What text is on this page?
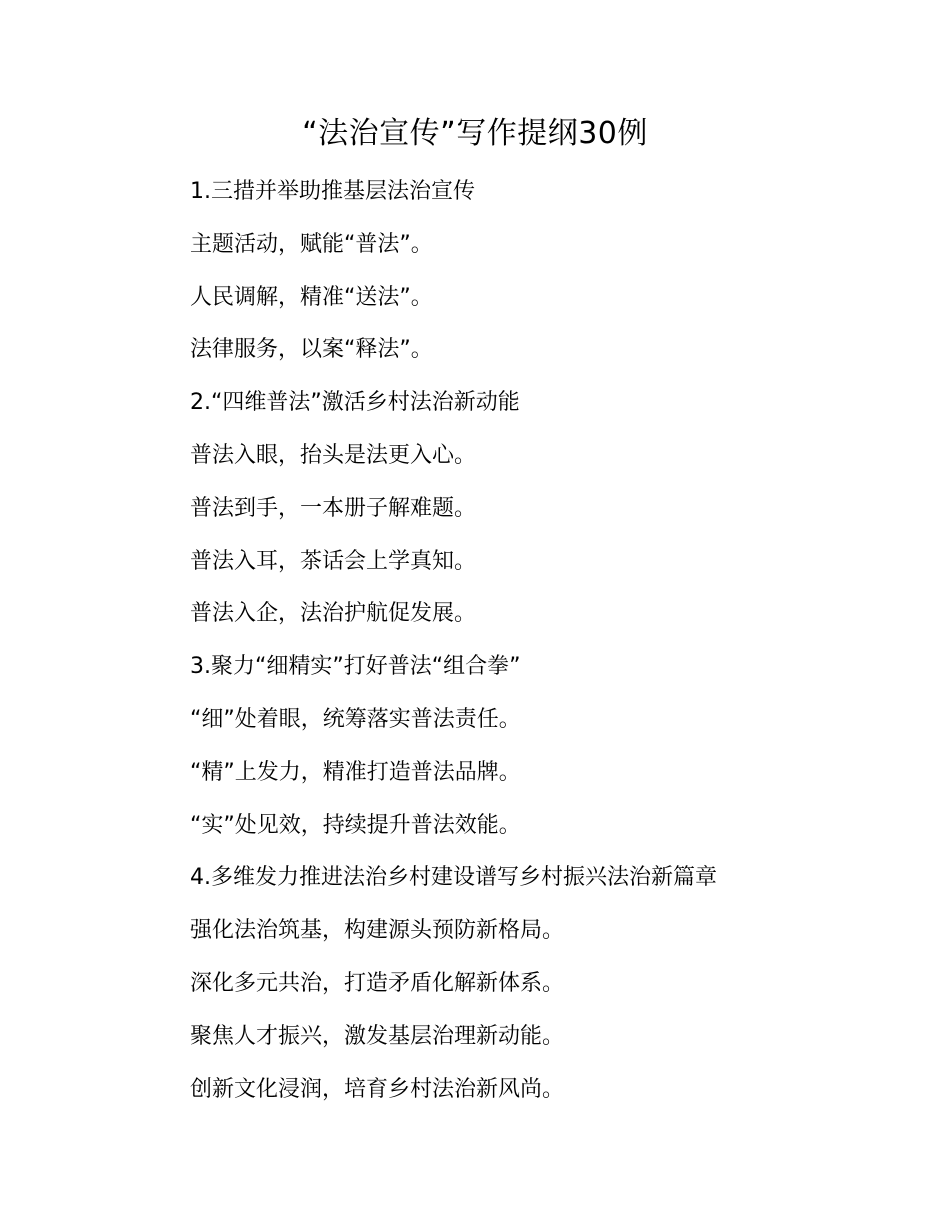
“法治宣传”写作提纲30例
1.三措并举助推基层法治宣传
主题活动，赋能“普法”。
人民调解，精准“送法”。
法律服务，以案“释法”。
2.“四维普法”激活乡村法治新动能
普法入眼，抬头是法更入心。
普法到手，一本册子解难题。
普法入耳，茶话会上学真知。
普法入企，法治护航促发展。
3.聚力“细精实”打好普法“组合拳”
“细”处着眼，统筹落实普法责任。
“精”上发力，精准打造普法品牌。
“实”处见效，持续提升普法效能。
4.多维发力推进法治乡村建设谱写乡村振兴法治新篇章
强化法治筑基，构建源头预防新格局。
深化多元共治，打造矛盾化解新体系。
聚焦人才振兴，激发基层治理新动能。
创新文化浸润，培育乡村法治新风尚。
